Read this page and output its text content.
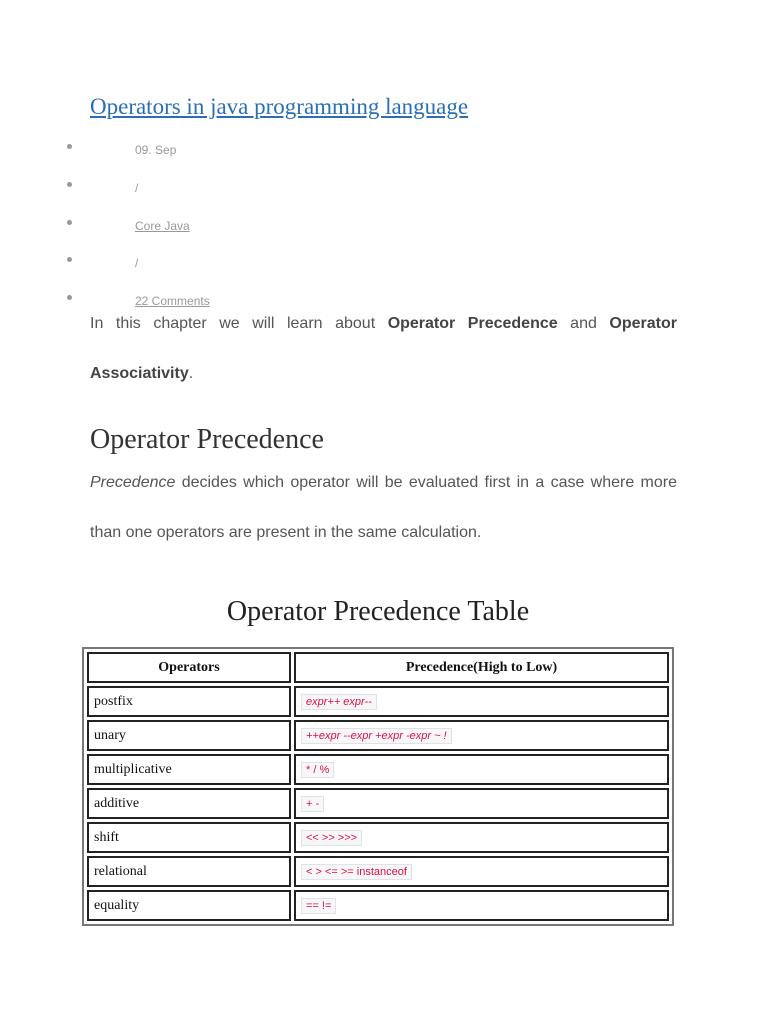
Operators in java programming language
09. Sep
/
Core Java
/
22 Comments

In this chapter we will learn about Operator Precedence and Operator Associativity.

Operator Precedence

Precedence decides which operator will be evaluated first in a case where more than one operators are present in the same calculation.

Operator Precedence Table
Operators	Precedence(High to Low)
postfix	expr++ expr--
unary	++expr --expr +expr -expr ~ !
multiplicative	* / %
additive	+ -
shift	<< >> >>>
relational	< > <= >= instanceof
equality	== !=
